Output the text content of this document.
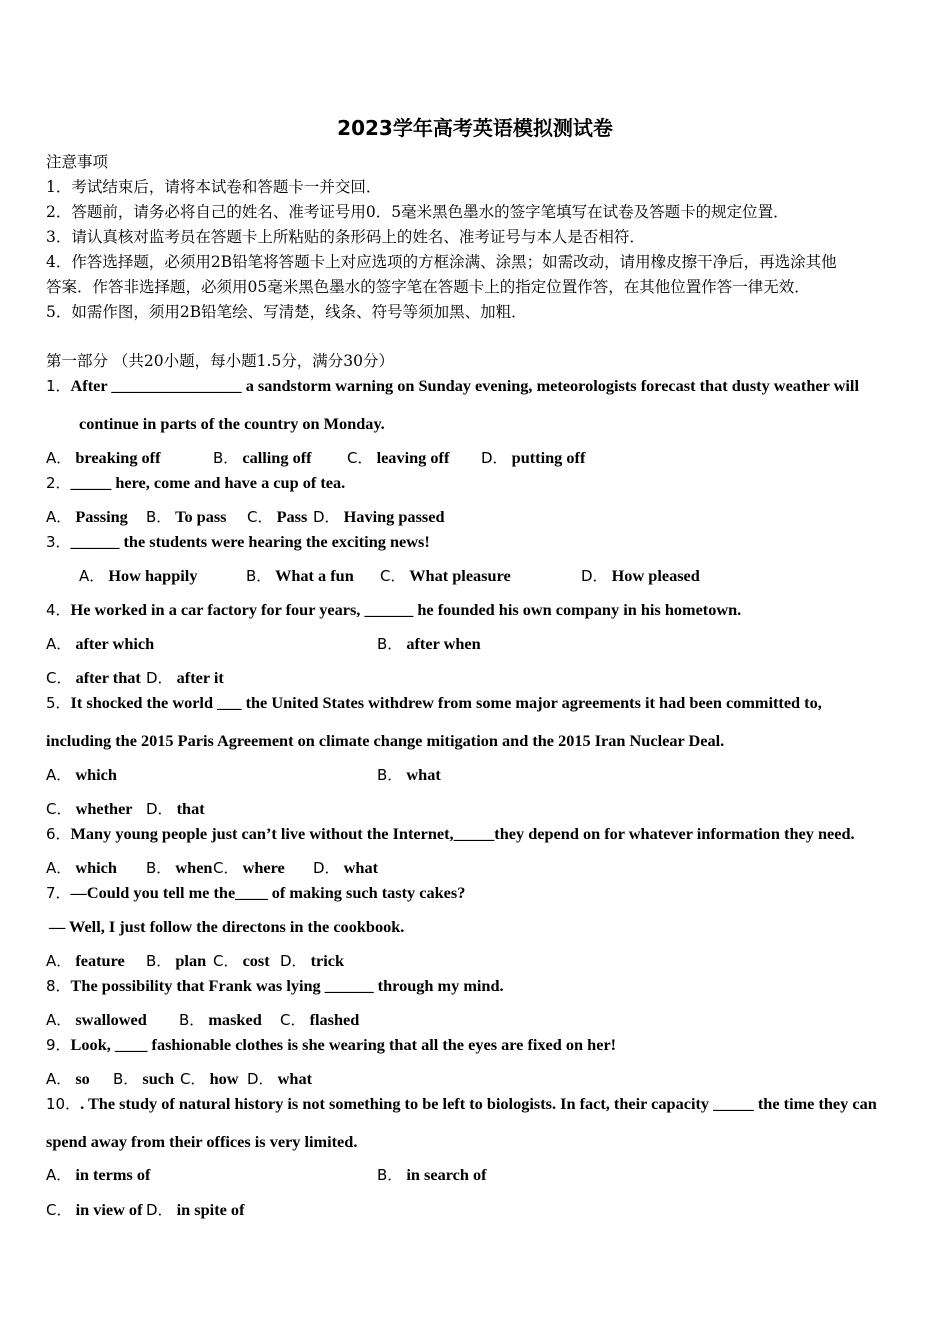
2023学年高考英语模拟测试卷
注意事项
1．考试结束后，请将本试卷和答题卡一并交回．
2．答题前，请务必将自己的姓名、准考证号用0．5毫米黑色墨水的签字笔填写在试卷及答题卡的规定位置．
3．请认真核对监考员在答题卡上所粘贴的条形码上的姓名、准考证号与本人是否相符．
4．作答选择题，必须用2B铅笔将答题卡上对应选项的方框涂满、涂黑；如需改动，请用橡皮擦干净后，再选涂其他
答案．作答非选择题，必须用05毫米黑色墨水的签字笔在答题卡上的指定位置作答，在其他位置作答一律无效．
5．如需作图，须用2B铅笔绘、写清楚，线条、符号等须加黑、加粗．
第一部分 （共20小题，每小题1.5分，满分30分）
1．After ________________ a sandstorm warning on Sunday evening, meteorologists forecast that dusty weather will
continue in parts of the country on Monday.
A． breaking off	B． calling off C． leaving off D． putting off
2．_____ here, come and have a cup of tea.
A． Passing B． To pass C． Pass D． Having passed
3．______ the students were hearing the exciting news!
A． How happily	B． What a fun C． What pleasure	D． How pleased
4．He worked in a car factory for four years, ______ he founded his own company in his hometown.
A． after which	B． after when
C． after that D． after it
5．It shocked the world ___ the United States withdrew from some major agreements it had been committed to,
including the 2015 Paris Agreement on climate change mitigation and the 2015 Iran Nuclear Deal.
A． which	B． what
C． whether D． that
6．Many young people just can’t live without the Internet,_____they depend on for whatever information they need.
A． which B． when C． where D． what
7．—Could you tell me the____ of making such tasty cakes?
— Well, I just follow the directons in the cookbook.
A． feature B． plan C． cost D． trick
8．The possibility that Frank was lying ______ through my mind.
A． swallowed B． masked C． flashed
9．Look, ____ fashionable clothes is she wearing that all the eyes are fixed on her!
A． so B． such C． how D． what
10．. The study of natural history is not something to be left to biologists. In fact, their capacity _____ the time they can
spend away from their offices is very limited.
A． in terms of	B． in search of
C． in view of D． in spite of
